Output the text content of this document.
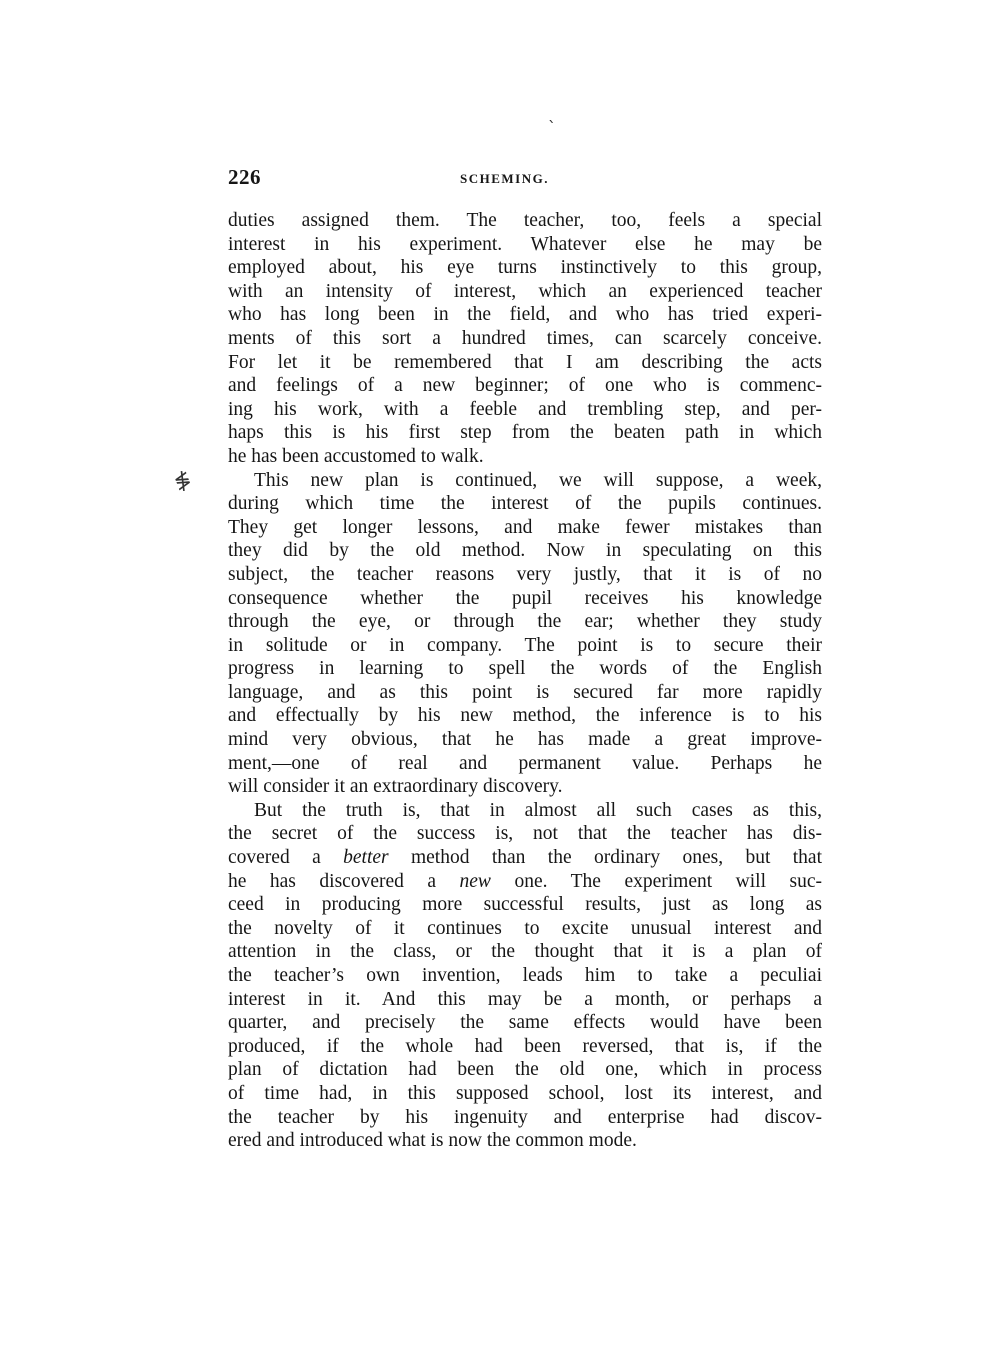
ˎ
≸
226	SCHEMING.
duties assigned them. The teacher, too, feels a special
interest in his experiment. Whatever else he may be
employed about, his eye turns instinctively to this group,
with an intensity of interest, which an experienced teacher
who has long been in the field, and who has tried experi-
ments of this sort a hundred times, can scarcely conceive.
For let it be remembered that I am describing the acts
and feelings of a new beginner; of one who is commenc-
ing his work, with a feeble and trembling step, and per-
haps this is his first step from the beaten path in which
he has been accustomed to walk.
This new plan is continued, we will suppose, a week,
during which time the interest of the pupils continues.
They get longer lessons, and make fewer mistakes than
they did by the old method. Now in speculating on this
subject, the teacher reasons very justly, that it is of no
consequence whether the pupil receives his knowledge
through the eye, or through the ear; whether they study
in solitude or in company. The point is to secure their
progress in learning to spell the words of the English
language, and as this point is secured far more rapidly
and effectually by his new method, the inference is to his
mind very obvious, that he has made a great improve-
ment,—one of real and permanent value. Perhaps he
will consider it an extraordinary discovery.
But the truth is, that in almost all such cases as this,
the secret of the success is, not that the teacher has dis-
covered a better method than the ordinary ones, but that
he has discovered a new one. The experiment will suc-
ceed in producing more successful results, just as long as
the novelty of it continues to excite unusual interest and
attention in the class, or the thought that it is a plan of
the teacher’s own invention, leads him to take a peculiai
interest in it. And this may be a month, or perhaps a
quarter, and precisely the same effects would have been
produced, if the whole had been reversed, that is, if the
plan of dictation had been the old one, which in process
of time had, in this supposed school, lost its interest, and
the teacher by his ingenuity and enterprise had discov-
ered and introduced what is now the common mode.
